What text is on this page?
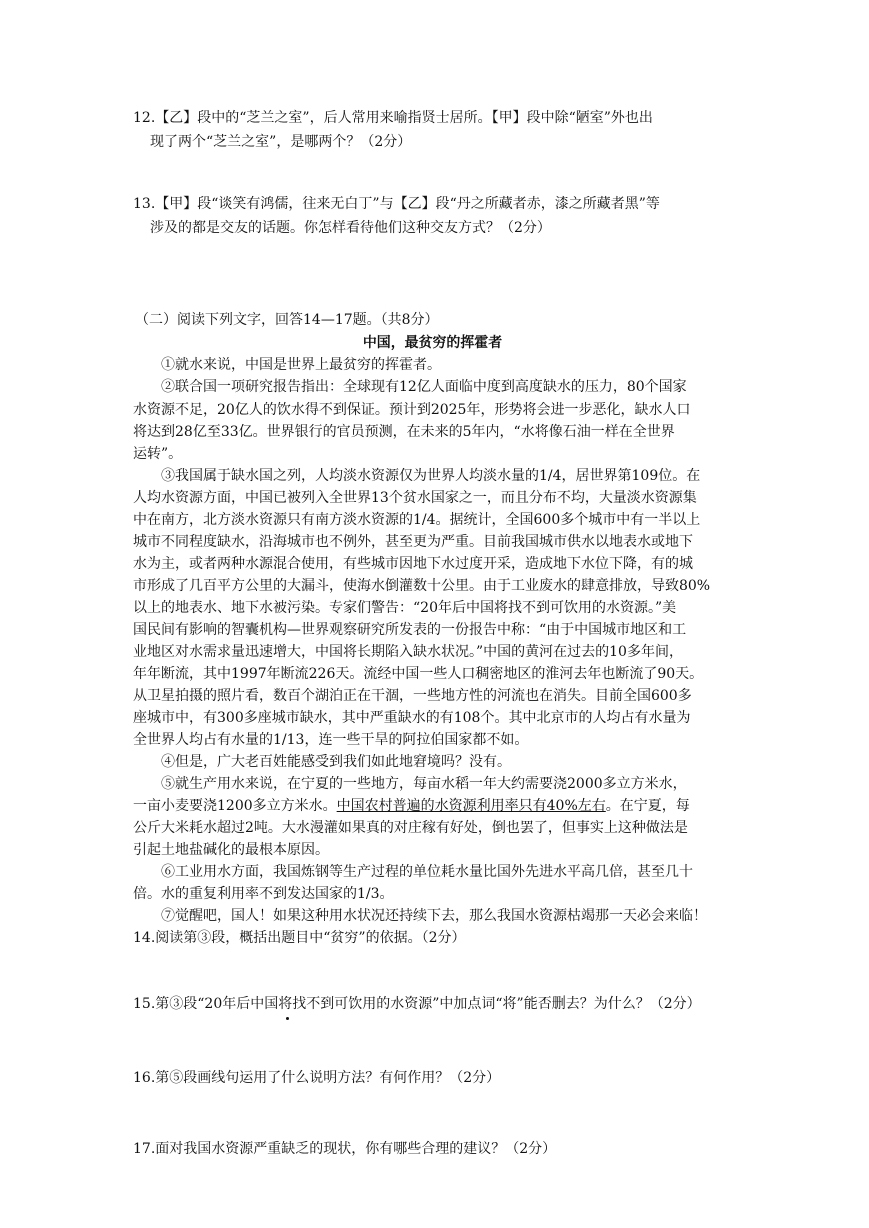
12.【乙】段中的“芝兰之室”，后人常用来喻指贤士居所。【甲】段中除“陋室”外也出
现了两个“芝兰之室”，是哪两个？（2分）
13.【甲】段“谈笑有鸿儒，往来无白丁”与【乙】段“丹之所藏者赤，漆之所藏者黑”等
涉及的都是交友的话题。你怎样看待他们这种交友方式？（2分）
（二）阅读下列文字，回答14—17题。（共8分）
中国，最贫穷的挥霍者
①就水来说，中国是世界上最贫穷的挥霍者。
②联合国一项研究报告指出：全球现有12亿人面临中度到高度缺水的压力，80个国家
水资源不足，20亿人的饮水得不到保证。预计到2025年，形势将会进一步恶化，缺水人口
将达到28亿至33亿。世界银行的官员预测，在未来的5年内，“水将像石油一样在全世界
运转”。
③我国属于缺水国之列，人均淡水资源仅为世界人均淡水量的1/4，居世界第109位。在
人均水资源方面，中国已被列入全世界13个贫水国家之一，而且分布不均，大量淡水资源集
中在南方，北方淡水资源只有南方淡水资源的1/4。据统计，全国600多个城市中有一半以上
城市不同程度缺水，沿海城市也不例外，甚至更为严重。目前我国城市供水以地表水或地下
水为主，或者两种水源混合使用，有些城市因地下水过度开采，造成地下水位下降，有的城
市形成了几百平方公里的大漏斗，使海水倒灌数十公里。由于工业废水的肆意排放，导致80%
以上的地表水、地下水被污染。专家们警告：“20年后中国将找不到可饮用的水资源。”美
国民间有影响的智囊机构—世界观察研究所发表的一份报告中称：“由于中国城市地区和工
业地区对水需求量迅速增大，中国将长期陷入缺水状况。”中国的黄河在过去的10多年间，
年年断流，其中1997年断流226天。流经中国一些人口稠密地区的淮河去年也断流了90天。
从卫星拍摄的照片看，数百个湖泊正在干涸，一些地方性的河流也在消失。目前全国600多
座城市中，有300多座城市缺水，其中严重缺水的有108个。其中北京市的人均占有水量为
全世界人均占有水量的1/13，连一些干旱的阿拉伯国家都不如。
④但是，广大老百姓能感受到我们如此地窘境吗？没有。
⑤就生产用水来说，在宁夏的一些地方，每亩水稻一年大约需要浇2000多立方米水，
一亩小麦要浇1200多立方米水。中国农村普遍的水资源利用率只有40%左右。在宁夏，每
公斤大米耗水超过2吨。大水漫灌如果真的对庄稼有好处，倒也罢了，但事实上这种做法是
引起土地盐碱化的最根本原因。
⑥工业用水方面，我国炼钢等生产过程的单位耗水量比国外先进水平高几倍，甚至几十
倍。水的重复利用率不到发达国家的1/3。
⑦觉醒吧，国人！如果这种用水状况还持续下去，那么我国水资源枯竭那一天必会来临！
14.阅读第③段，概括出题目中“贫穷”的依据。（2分）
15.第③段“20年后中国将找不到可饮用的水资源”中加点词“将”能否删去？为什么？（2分）
16.第⑤段画线句运用了什么说明方法？有何作用？（2分）
17.面对我国水资源严重缺乏的现状，你有哪些合理的建议？（2分）
